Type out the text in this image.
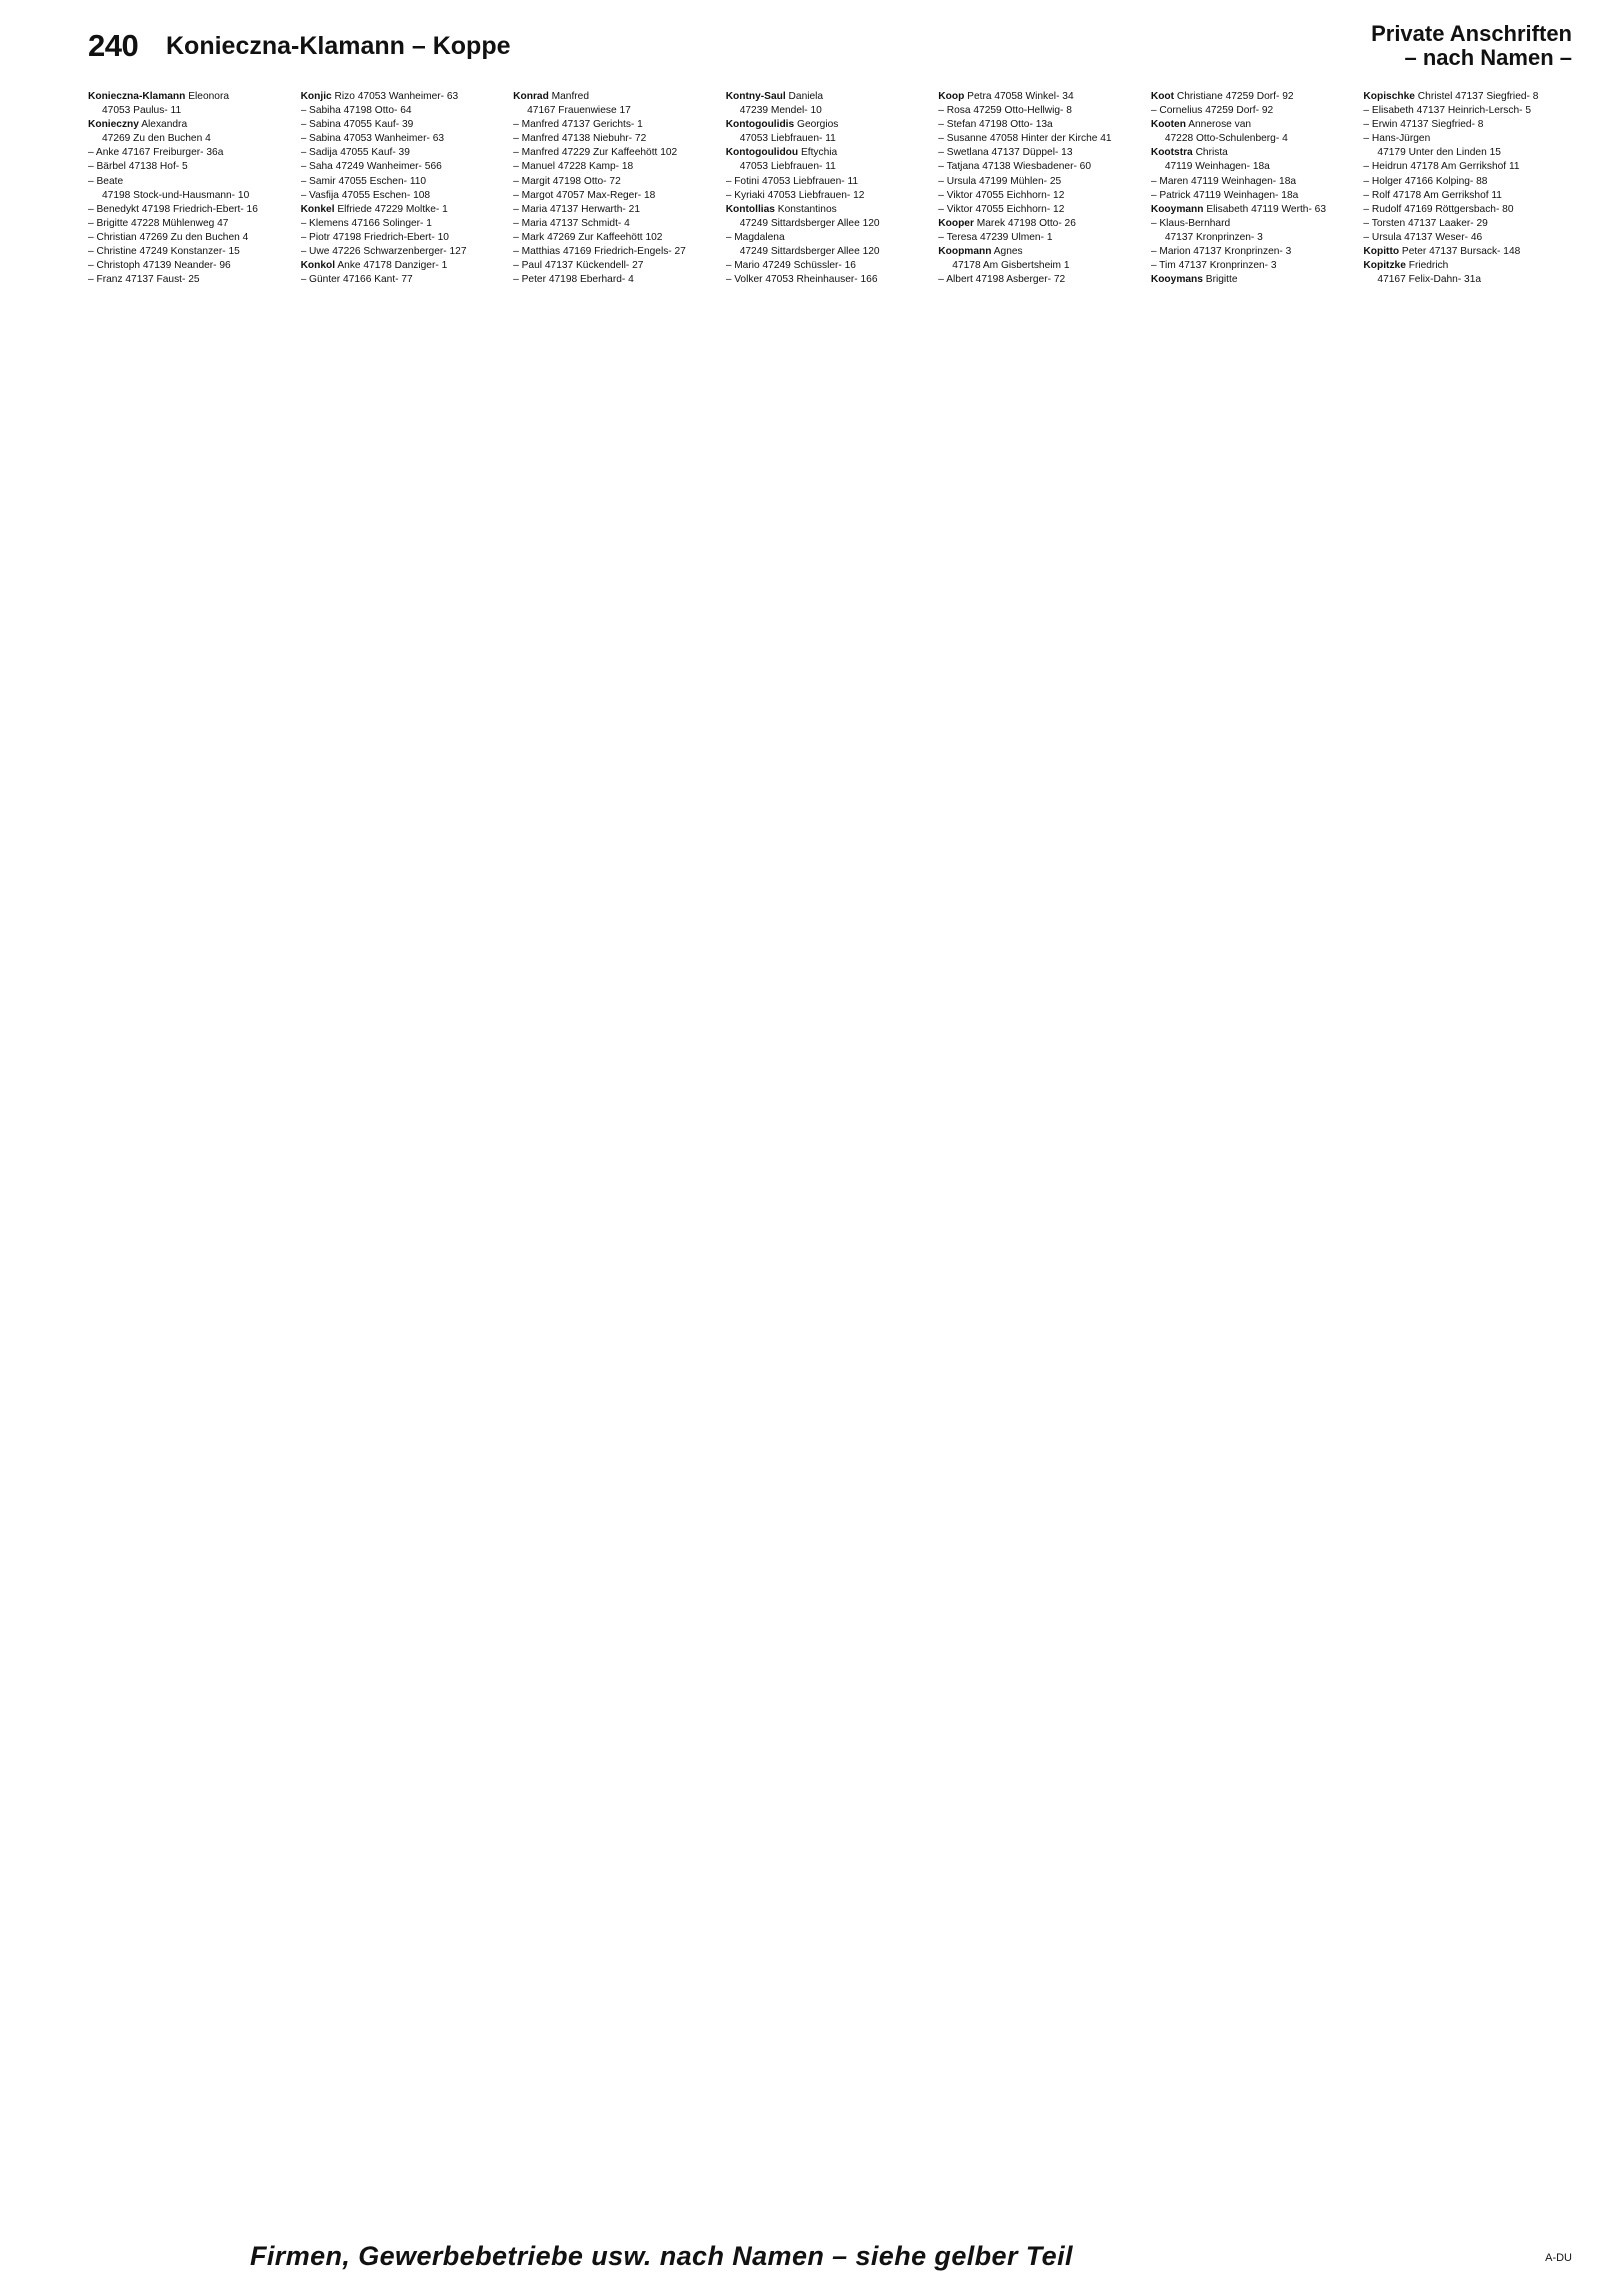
240 Konieczna-Klamann – Koppe	Private Anschriften
– nach Namen –
Konieczna-Klamann Eleonora
47053 Paulus- 11
Konieczny Alexandra
47269 Zu den Buchen 4
– Anke 47167 Freiburger- 36a
– Bärbel 47138 Hof- 5
– Beate
47198 Stock-und-Hausmann- 10
– Benedykt 47198 Friedrich-Ebert- 16
– Brigitte 47228 Mühlenweg 47
– Christian 47269 Zu den Buchen 4
– Christine 47249 Konstanzer- 15
– Christoph 47139 Neander- 96
– Franz 47137 Faust- 25
Konjic Rizo 47053 Wanheimer- 63
– Sabiha 47198 Otto- 64
– Sabina 47055 Kauf- 39
– Sabina 47053 Wanheimer- 63
– Sadija 47055 Kauf- 39
– Saha 47249 Wanheimer- 566
– Samir 47055 Eschen- 110
– Vasfija 47055 Eschen- 108
Konkel Elfriede 47229 Moltke- 1
– Klemens 47166 Solinger- 1
– Piotr 47198 Friedrich-Ebert- 10
– Uwe 47226 Schwarzenberger- 127
Konkol Anke 47178 Danziger- 1
– Günter 47166 Kant- 77
Konrad Manfred
47167 Frauenwiese 17
– Manfred 47137 Gerichts- 1
– Manfred 47138 Niebuhr- 72
– Manfred 47229 Zur Kaffeehött 102
– Manuel 47228 Kamp- 18
– Margit 47198 Otto- 72
– Margot 47057 Max-Reger- 18
– Maria 47137 Herwarth- 21
– Maria 47137 Schmidt- 4
– Mark 47269 Zur Kaffeehött 102
– Matthias 47169 Friedrich-Engels- 27
– Paul 47137 Kückendell- 27
– Peter 47198 Eberhard- 4
Kontny-Saul Daniela
47239 Mendel- 10
Kontogoulidis Georgios
47053 Liebfrauen- 11
Kontogoulidou Eftychia
47053 Liebfrauen- 11
– Fotini 47053 Liebfrauen- 11
– Kyriaki 47053 Liebfrauen- 12
Kontollias Konstantinos
47249 Sittardsberger Allee 120
– Magdalena
47249 Sittardsberger Allee 120
– Mario 47249 Schüssler- 16
– Volker 47053 Rheinhauser- 166
Koop Petra 47058 Winkel- 34
– Rosa 47259 Otto-Hellwig- 8
– Stefan 47198 Otto- 13a
– Susanne 47058 Hinter der Kirche 41
– Swetlana 47137 Düppel- 13
– Tatjana 47138 Wiesbadener- 60
– Ursula 47199 Mühlen- 25
– Viktor 47055 Eichhorn- 12
– Viktor 47055 Eichhorn- 12
Kooper Marek 47198 Otto- 26
– Teresa 47239 Ulmen- 1
Koopmann Agnes
47178 Am Gisbertsheim 1
– Albert 47198 Asberger- 72
Koot Christiane 47259 Dorf- 92
– Cornelius 47259 Dorf- 92
Kooten Annerose van
47228 Otto-Schulenberg- 4
Kootstra Christa
47119 Weinhagen- 18a
– Maren 47119 Weinhagen- 18a
– Patrick 47119 Weinhagen- 18a
Kooymann Elisabeth 47119 Werth- 63
– Klaus-Bernhard
47137 Kronprinzen- 3
– Marion 47137 Kronprinzen- 3
– Tim 47137 Kronprinzen- 3
Kooymans Brigitte
Kopischke Christel 47137 Siegfried- 8
– Elisabeth 47137 Heinrich-Lersch- 5
– Erwin 47137 Siegfried- 8
– Hans-Jürgen
47179 Unter den Linden 15
– Heidrun 47178 Am Gerrikshof 11
– Holger 47166 Kolping- 88
– Rolf 47178 Am Gerrikshof 11
– Rudolf 47169 Röttgersbach- 80
– Torsten 47137 Laaker- 29
– Ursula 47137 Weser- 46
Kopitto Peter 47137 Bursack- 148
Kopitzke Friedrich
47167 Felix-Dahn- 31a
Firmen, Gewerbebetriebe usw. nach Namen – siehe gelber Teil	A-DU
